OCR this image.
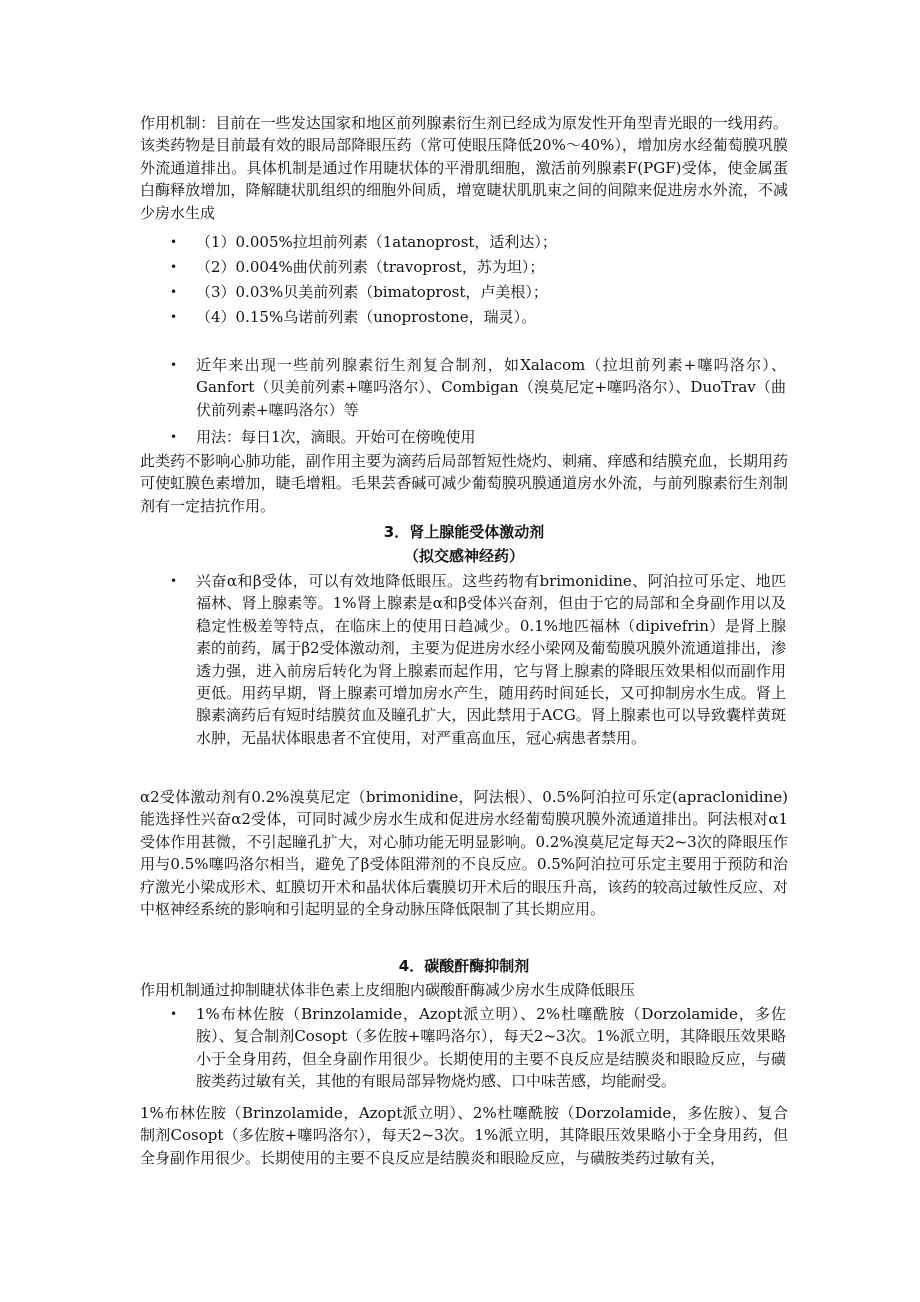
作用机制：目前在一些发达国家和地区前列腺素衍生剂已经成为原发性开角型青光眼的一线用药。该类药物是目前最有效的眼局部降眼压药（常可使眼压降低20%～40%），增加房水经葡萄膜巩膜外流通道排出。具体机制是通过作用睫状体的平滑肌细胞，激活前列腺素F(PGF)受体，使金属蛋白酶释放增加，降解睫状肌组织的细胞外间质，增宽睫状肌肌束之间的间隙来促进房水外流，不减少房水生成

• （1）0.005%拉坦前列素（1atanoprost，适利达）；
• （2）0.004%曲伏前列素（travoprost，苏为坦）；
• （3）0.03%贝美前列素（bimatoprost，卢美根）；
• （4）0.15%乌诺前列素（unoprostone，瑞灵）。
• 近年来出现一些前列腺素衍生剂复合制剂，如Xalacom（拉坦前列素+噻吗洛尔）、Ganfort（贝美前列素+噻吗洛尔）、Combigan（溴莫尼定+噻吗洛尔）、DuoTrav（曲伏前列素+噻吗洛尔）等
• 用法：每日1次，滴眼。开始可在傍晚使用

此类药不影响心肺功能，副作用主要为滴药后局部暂短性烧灼、刺痛、痒感和结膜充血，长期用药可使虹膜色素增加，睫毛增粗。毛果芸香碱可减少葡萄膜巩膜通道房水外流，与前列腺素衍生剂制剂有一定拮抗作用。

3．肾上腺能受体激动剂

（拟交感神经药）

• 兴奋α和β受体，可以有效地降低眼压。这些药物有brimonidine、阿泊拉可乐定、地匹福林、肾上腺素等。1%肾上腺素是α和β受体兴奋剂，但由于它的局部和全身副作用以及稳定性极差等特点，在临床上的使用日趋减少。0.1%地匹福林（dipivefrin）是肾上腺素的前药，属于β2受体激动剂，主要为促进房水经小梁网及葡萄膜巩膜外流通道排出，渗透力强，进入前房后转化为肾上腺素而起作用，它与肾上腺素的降眼压效果相似而副作用更低。用药早期，肾上腺素可增加房水产生，随用药时间延长，又可抑制房水生成。肾上腺素滴药后有短时结膜贫血及瞳孔扩大，因此禁用于ACG。肾上腺素也可以导致囊样黄斑水肿，无晶状体眼患者不宜使用，对严重高血压，冠心病患者禁用。

α2受体激动剂有0.2%溴莫尼定（brimonidine，阿法根）、0.5%阿泊拉可乐定(apraclonidine)能选择性兴奋α2受体，可同时减少房水生成和促进房水经葡萄膜巩膜外流通道排出。阿法根对α1受体作用甚微，不引起瞳孔扩大，对心肺功能无明显影响。0.2%溴莫尼定每天2~3次的降眼压作用与0.5%噻吗洛尔相当，避免了β受体阻滞剂的不良反应。0.5%阿泊拉可乐定主要用于预防和治疗激光小梁成形术、虹膜切开术和晶状体后囊膜切开术后的眼压升高，该药的较高过敏性反应、对中枢神经系统的影响和引起明显的全身动脉压降低限制了其长期应用。

4．碳酸酐酶抑制剂

作用机制通过抑制睫状体非色素上皮细胞内碳酸酐酶减少房水生成降低眼压

• 1%布林佐胺（Brinzolamide，Azopt派立明）、2%杜噻酰胺（Dorzolamide，多佐胺）、复合制剂Cosopt（多佐胺+噻吗洛尔），每天2~3次。1%派立明，其降眼压效果略小于全身用药，但全身副作用很少。长期使用的主要不良反应是结膜炎和眼睑反应，与磺胺类药过敏有关，其他的有眼局部异物烧灼感、口中味苦感，均能耐受。

1%布林佐胺（Brinzolamide，Azopt派立明）、2%杜噻酰胺（Dorzolamide，多佐胺）、复合制剂Cosopt（多佐胺+噻吗洛尔），每天2~3次。1%派立明，其降眼压效果略小于全身用药，但全身副作用很少。长期使用的主要不良反应是结膜炎和眼睑反应，与磺胺类药过敏有关，
